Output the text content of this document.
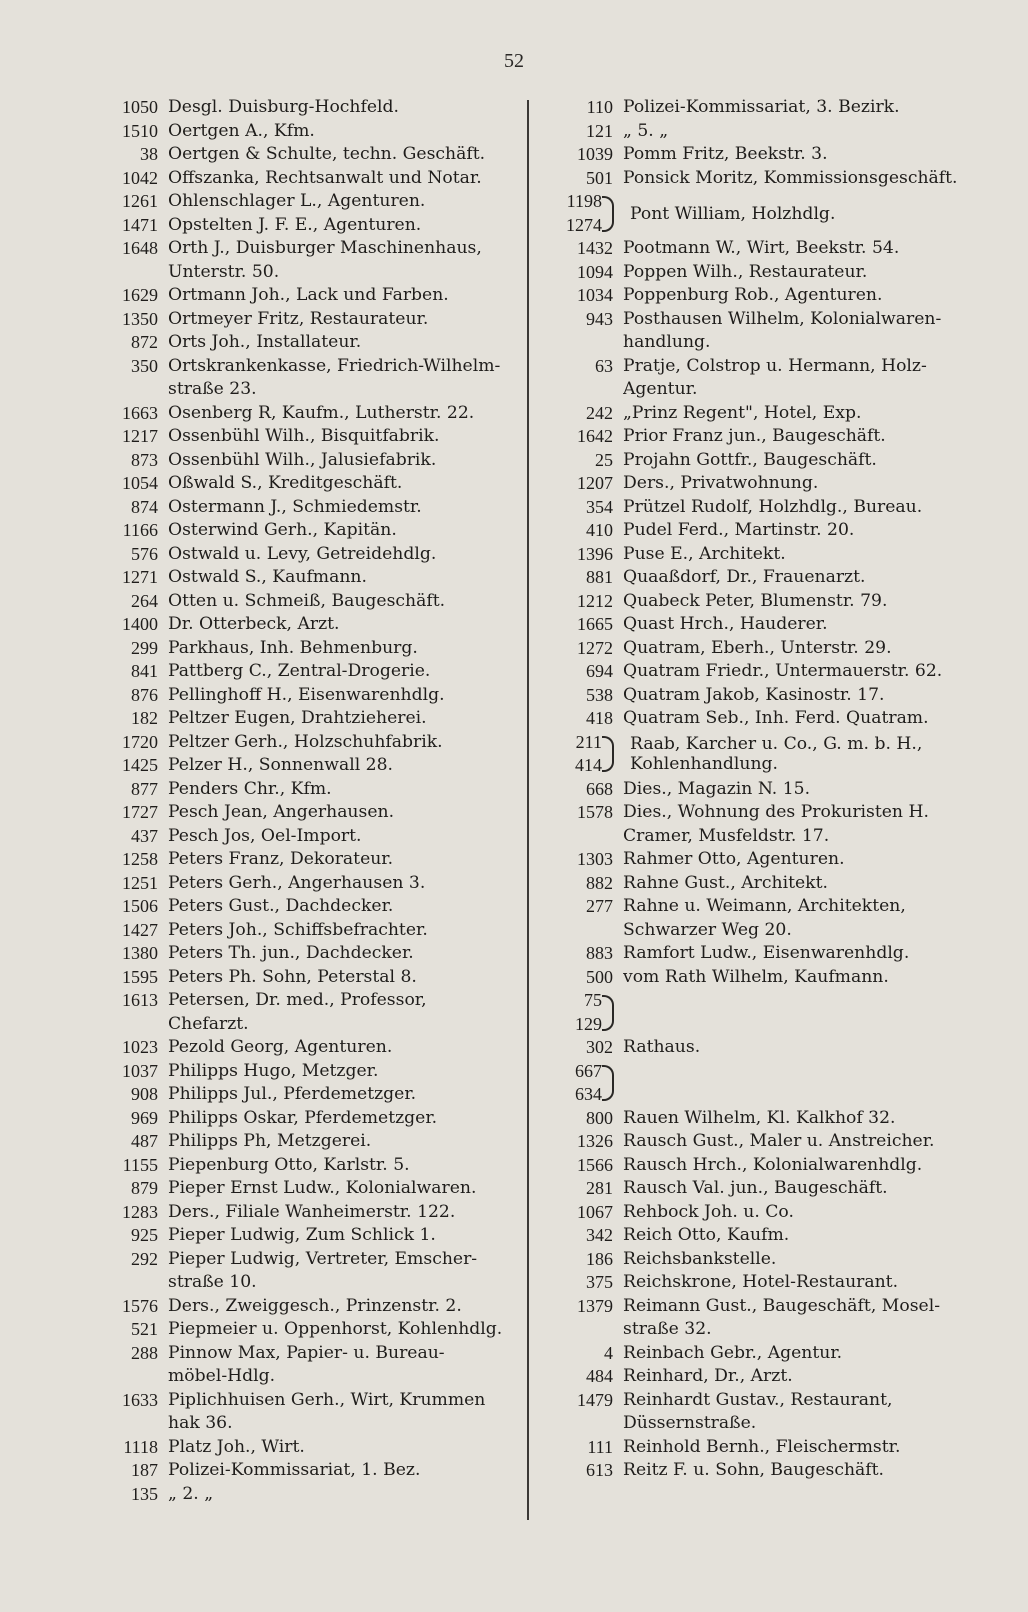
52
1050 Desgl. Duisburg-Hochfeld.
1510 Oertgen A., Kfm.
38 Oertgen & Schulte, techn. Geschäft.
1042 Offszanka, Rechtsanwalt und Notar.
1261 Ohlenschlager L., Agenturen.
1471 Opstelten J. F. E., Agenturen.
1648 Orth J., Duisburger Maschinenhaus,
Unterstr. 50.
1629 Ortmann Joh., Lack und Farben.
1350 Ortmeyer Fritz, Restaurateur.
872 Orts Joh., Installateur.
350 Ortskrankenkasse, Friedrich-Wilhelm-
straße 23.
1663 Osenberg R, Kaufm., Lutherstr. 22.
1217 Ossenbühl Wilh., Bisquitfabrik.
873 Ossenbühl Wilh., Jalusiefabrik.
1054 Oßwald S., Kreditgeschäft.
874 Ostermann J., Schmiedemstr.
1166 Osterwind Gerh., Kapitän.
576 Ostwald u. Levy, Getreidehdlg.
1271 Ostwald S., Kaufmann.
264 Otten u. Schmeiß, Baugeschäft.
1400 Dr. Otterbeck, Arzt.
299 Parkhaus, Inh. Behmenburg.
841 Pattberg C., Zentral-Drogerie.
876 Pellinghoff H., Eisenwarenhdlg.
182 Peltzer Eugen, Drahtzieherei.
1720 Peltzer Gerh., Holzschuhfabrik.
1425 Pelzer H., Sonnenwall 28.
877 Penders Chr., Kfm.
1727 Pesch Jean, Angerhausen.
437 Pesch Jos, Oel-Import.
1258 Peters Franz, Dekorateur.
1251 Peters Gerh., Angerhausen 3.
1506 Peters Gust., Dachdecker.
1427 Peters Joh., Schiffsbefrachter.
1380 Peters Th. jun., Dachdecker.
1595 Peters Ph. Sohn, Peterstal 8.
1613 Petersen, Dr. med., Professor,
Chefarzt.
1023 Pezold Georg, Agenturen.
1037 Philipps Hugo, Metzger.
908 Philipps Jul., Pferdemetzger.
969 Philipps Oskar, Pferdemetzger.
487 Philipps Ph, Metzgerei.
1155 Piepenburg Otto, Karlstr. 5.
879 Pieper Ernst Ludw., Kolonialwaren.
1283 Ders., Filiale Wanheimerstr. 122.
925 Pieper Ludwig, Zum Schlick 1.
292 Pieper Ludwig, Vertreter, Emscher-
straße 10.
1576 Ders., Zweiggesch., Prinzenstr. 2.
521 Piepmeier u. Oppenhorst, Kohlenhdlg.
288 Pinnow Max, Papier- u. Bureau-
möbel-Hdlg.
1633 Piplichhuisen Gerh., Wirt, Krummen
hak 36.
1118 Platz Joh., Wirt.
187 Polizei-Kommissariat, 1. Bez.
135 „ 2. „
110 Polizei-Kommissariat, 3. Bezirk.
121 „ 5. „
1039 Pomm Fritz, Beekstr. 3.
501 Ponsick Moritz, Kommissionsgeschäft.
1198
1274
Pont William, Holzhdlg.
1432 Pootmann W., Wirt, Beekstr. 54.
1094 Poppen Wilh., Restaurateur.
1034 Poppenburg Rob., Agenturen.
943 Posthausen Wilhelm, Kolonialwaren-
handlung.
63 Pratje, Colstrop u. Hermann, Holz-
Agentur.
242 „Prinz Regent", Hotel, Exp.
1642 Prior Franz jun., Baugeschäft.
25 Projahn Gottfr., Baugeschäft.
1207 Ders., Privatwohnung.
354 Prützel Rudolf, Holzhdlg., Bureau.
410 Pudel Ferd., Martinstr. 20.
1396 Puse E., Architekt.
881 Quaaßdorf, Dr., Frauenarzt.
1212 Quabeck Peter, Blumenstr. 79.
1665 Quast Hrch., Hauderer.
1272 Quatram, Eberh., Unterstr. 29.
694 Quatram Friedr., Untermauerstr. 62.
538 Quatram Jakob, Kasinostr. 17.
418 Quatram Seb., Inh. Ferd. Quatram.
211
414
Raab, Karcher u. Co., G. m. b. H.,
Kohlenhandlung.
668 Dies., Magazin N. 15.
1578 Dies., Wohnung des Prokuristen H.
Cramer, Musfeldstr. 17.
1303 Rahmer Otto, Agenturen.
882 Rahne Gust., Architekt.
277 Rahne u. Weimann, Architekten,
Schwarzer Weg 20.
883 Ramfort Ludw., Eisenwarenhdlg.
500 vom Rath Wilhelm, Kaufmann.
75
129
302 Rathaus.
667
634
800 Rauen Wilhelm, Kl. Kalkhof 32.
1326 Rausch Gust., Maler u. Anstreicher.
1566 Rausch Hrch., Kolonialwarenhdlg.
281 Rausch Val. jun., Baugeschäft.
1067 Rehbock Joh. u. Co.
342 Reich Otto, Kaufm.
186 Reichsbankstelle.
375 Reichskrone, Hotel-Restaurant.
1379 Reimann Gust., Baugeschäft, Mosel-
straße 32.
4 Reinbach Gebr., Agentur.
484 Reinhard, Dr., Arzt.
1479 Reinhardt Gustav., Restaurant,
Düssernstraße.
111 Reinhold Bernh., Fleischermstr.
613 Reitz F. u. Sohn, Baugeschäft.
